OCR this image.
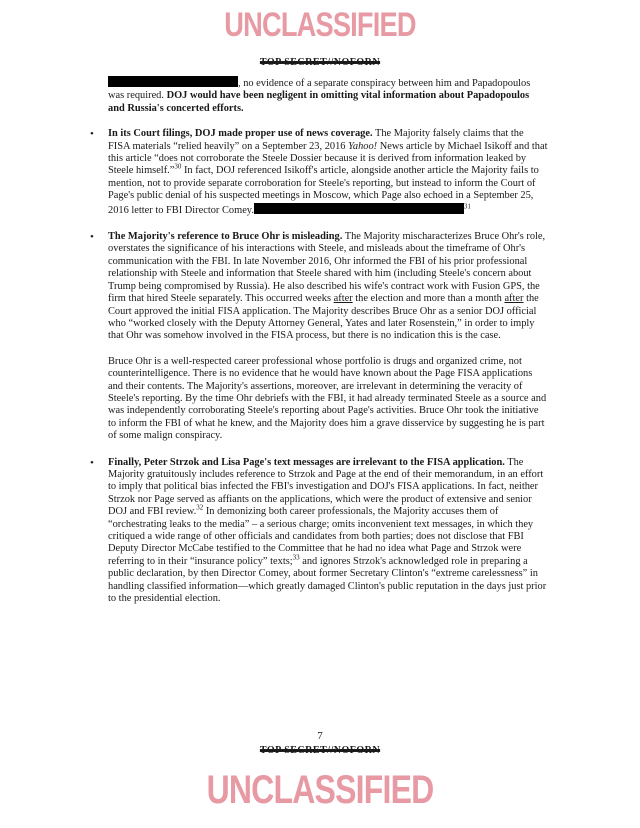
UNCLASSIFIED
TOP SECRET//NOFORN

, no evidence of a separate conspiracy between him and Papadopoulos was required. DOJ would have been negligent in omitting vital information about Papadopoulos and Russia's concerted efforts.

• In its Court filings, DOJ made proper use of news coverage. The Majority falsely claims that the FISA materials “relied heavily” on a September 23, 2016 Yahoo! News article by Michael Isikoff and that this article “does not corroborate the Steele Dossier because it is derived from information leaked by Steele himself.”$^{30}$ In fact, DOJ referenced Isikoff's article, alongside another article the Majority fails to mention, not to provide separate corroboration for Steele's reporting, but instead to inform the Court of Page's public denial of his suspected meetings in Moscow, which Page also echoed in a September 25, 2016 letter to FBI Director Comey.	$^{31}$

• The Majority's reference to Bruce Ohr is misleading. The Majority mischaracterizes Bruce Ohr's role, overstates the significance of his interactions with Steele, and misleads about the timeframe of Ohr's communication with the FBI. In late November 2016, Ohr informed the FBI of his prior professional relationship with Steele and information that Steele shared with him (including Steele's concern about Trump being compromised by Russia). He also described his wife's contract work with Fusion GPS, the firm that hired Steele separately. This occurred weeks after the election and more than a month after the Court approved the initial FISA application. The Majority describes Bruce Ohr as a senior DOJ official who “worked closely with the Deputy Attorney General, Yates and later Rosenstein,” in order to imply that Ohr was somehow involved in the FISA process, but there is no indication this is the case.

Bruce Ohr is a well-respected career professional whose portfolio is drugs and organized crime, not counterintelligence. There is no evidence that he would have known about the Page FISA applications and their contents. The Majority's assertions, moreover, are irrelevant in determining the veracity of Steele's reporting. By the time Ohr debriefs with the FBI, it had already terminated Steele as a source and was independently corroborating Steele's reporting about Page's activities. Bruce Ohr took the initiative to inform the FBI of what he knew, and the Majority does him a grave disservice by suggesting he is part of some malign conspiracy.

• Finally, Peter Strzok and Lisa Page's text messages are irrelevant to the FISA application. The Majority gratuitously includes reference to Strzok and Page at the end of their memorandum, in an effort to imply that political bias infected the FBI's investigation and DOJ's FISA applications. In fact, neither Strzok nor Page served as affiants on the applications, which were the product of extensive and senior DOJ and FBI review.$^{32}$ In demonizing both career professionals, the Majority accuses them of “orchestrating leaks to the media” – a serious charge; omits inconvenient text messages, in which they critiqued a wide range of other officials and candidates from both parties; does not disclose that FBI Deputy Director McCabe testified to the Committee that he had no idea what Page and Strzok were referring to in their “insurance policy” texts;$^{33}$ and ignores Strzok's acknowledged role in preparing a public declaration, by then Director Comey, about former Secretary Clinton's “extreme carelessness” in handling classified information—which greatly damaged Clinton's public reputation in the days just prior to the presidential election.

7
TOP SECRET//NOFORN
UNCLASSIFIED
